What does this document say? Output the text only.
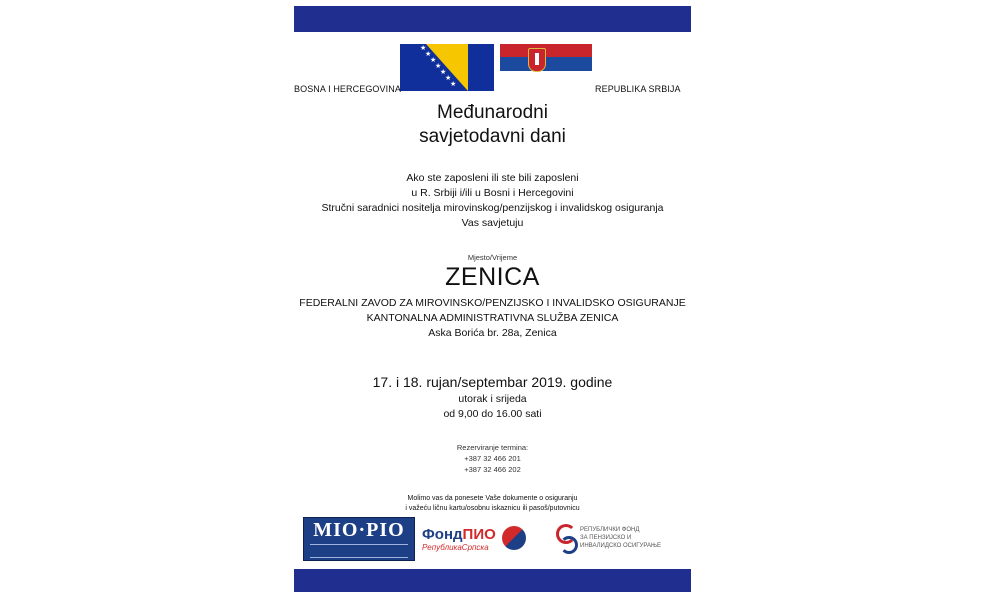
★
★
★
★
★
★
★
BOSNA I HERCEGOVINA	REPUBLIKA SRBIJA
Međunarodni
savjetodavni dani
Ako ste zaposleni ili ste bili zaposleni
u R. Srbiji i/ili u Bosni i Hercegovini
Stručni saradnici nositelja mirovinskog/penzijskog i invalidskog osiguranja
Vas savjetuju
Mjesto/Vrijeme
ZENICA
FEDERALNI ZAVOD ZA MIROVINSKO/PENZIJSKO I INVALIDSKO OSIGURANJE
KANTONALNA ADMINISTRATIVNA SLUŽBA ZENICA
Aska Borića br. 28a, Zenica
17. i 18. rujan/septembar 2019. godine
utorak i srijeda
od 9,00 do 16.00 sati
Rezerviranje termina:
+387 32 466 201
+387 32 466 202
Molimo vas da ponesete Vaše dokumente o osiguranju
i važeću ličnu kartu/osobnu iskaznicu ili pasoš/putovnicu
MIO·PIO	ФондПИО
РепубликаСрпска
РЕПУБЛИЧКИ ФОНД
ЗА ПЕНЗИЈСКО И
ИНВАЛИДСКО ОСИГУРАЊЕ
